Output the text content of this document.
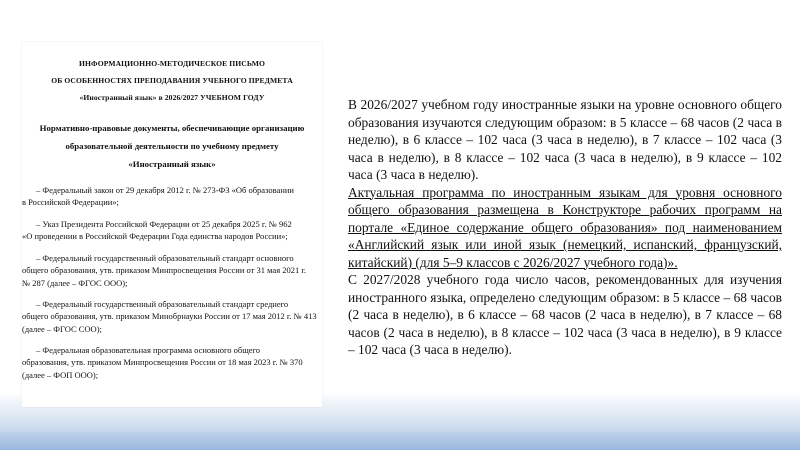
ИНФОРМАЦИОННО-МЕТОДИЧЕСКОЕ ПИСЬМО
ОБ ОСОБЕННОСТЯХ ПРЕПОДАВАНИЯ УЧЕБНОГО ПРЕДМЕТА
«Иностранный язык» в 2026/2027 УЧЕБНОМ ГОДУ
Нормативно-правовые документы, обеспечивающие организацию
образовательной деятельности по учебному предмету
«Иностранный язык»
– Федеральный закон от 29 декабря 2012 г. № 273-ФЗ «Об образовании
в Российской Федерации»;
– Указ Президента Российской Федерации от 25 декабря 2025 г. № 962
«О проведении в Российской Федерации Года единства народов России»;
– Федеральный государственный образовательный стандарт основного
общего образования, утв. приказом Минпросвещения России от 31 мая 2021 г.
№ 287 (далее – ФГОС ООО);
– Федеральный государственный образовательный стандарт среднего
общего образования, утв. приказом Минобрнауки России от 17 мая 2012 г. № 413
(далее – ФГОС СОО);
– Федеральная образовательная программа основного общего
образования, утв. приказом Минпросвещения России от 18 мая 2023 г. № 370
(далее – ФОП ООО);

В 2026/2027 учебном году иностранные языки на уровне основного общего образования изучаются следующим образом: в 5 классе – 68 часов (2 часа в неделю), в 6 классе – 102 часа (3 часа в неделю), в 7 классе – 102 часа (3 часа в неделю), в 8 классе – 102 часа (3 часа в неделю), в 9 классе – 102 часа (3 часа в неделю).

Актуальная программа по иностранным языкам для уровня основного общего образования размещена в Конструкторе рабочих программ на портале «Единое содержание общего образования» под наименованием «Английский язык или иной язык (немецкий, испанский, французский, китайский) (для 5–9 классов с 2026/2027 учебного года)».

С 2027/2028 учебного года число часов, рекомендованных для изучения иностранного языка, определено следующим образом: в 5 классе – 68 часов (2 часа в неделю), в 6 классе – 68 часов (2 часа в неделю), в 7 классе – 68 часов (2 часа в неделю), в 8 классе – 102 часа (3 часа в неделю), в 9 классе – 102 часа (3 часа в неделю).
